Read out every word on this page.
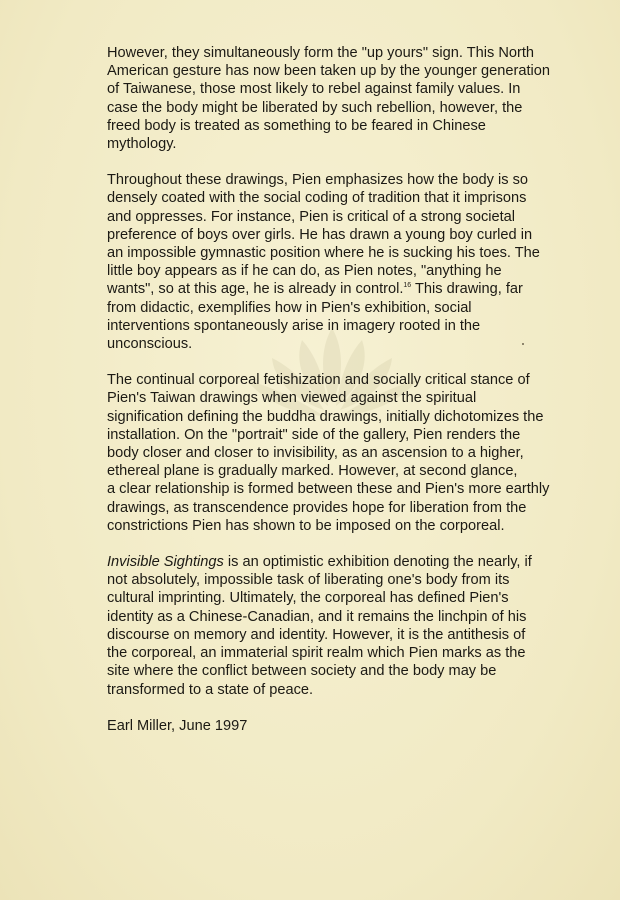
However, they simultaneously form the "up yours" sign. This North

American gesture has now been taken up by the younger generation

of Taiwanese, those most likely to rebel against family values. In

case the body might be liberated by such rebellion, however, the

freed body is treated as something to be feared in Chinese

mythology.

Throughout these drawings, Pien emphasizes how the body is so

densely coated with the social coding of tradition that it imprisons

and oppresses. For instance, Pien is critical of a strong societal

preference of boys over girls. He has drawn a young boy curled in

an impossible gymnastic position where he is sucking his toes. The

little boy appears as if he can do, as Pien notes, "anything he

wants", so at this age, he is already in control.$^{16}$ This drawing, far

from didactic, exemplifies how in Pien's exhibition, social

interventions spontaneously arise in imagery rooted in the

unconscious.

The continual corporeal fetishization and socially critical stance of

Pien's Taiwan drawings when viewed against the spiritual

signification defining the buddha drawings, initially dichotomizes the

installation. On the "portrait" side of the gallery, Pien renders the

body closer and closer to invisibility, as an ascension to a higher,

ethereal plane is gradually marked. However, at second glance,

a clear relationship is formed between these and Pien's more earthly

drawings, as transcendence provides hope for liberation from the

constrictions Pien has shown to be imposed on the corporeal.

Invisible Sightings is an optimistic exhibition denoting the nearly, if

not absolutely, impossible task of liberating one's body from its

cultural imprinting. Ultimately, the corporeal has defined Pien's

identity as a Chinese-Canadian, and it remains the linchpin of his

discourse on memory and identity. However, it is the antithesis of

the corporeal, an immaterial spirit realm which Pien marks as the

site where the conflict between society and the body may be

transformed to a state of peace.

Earl Miller, June 1997
